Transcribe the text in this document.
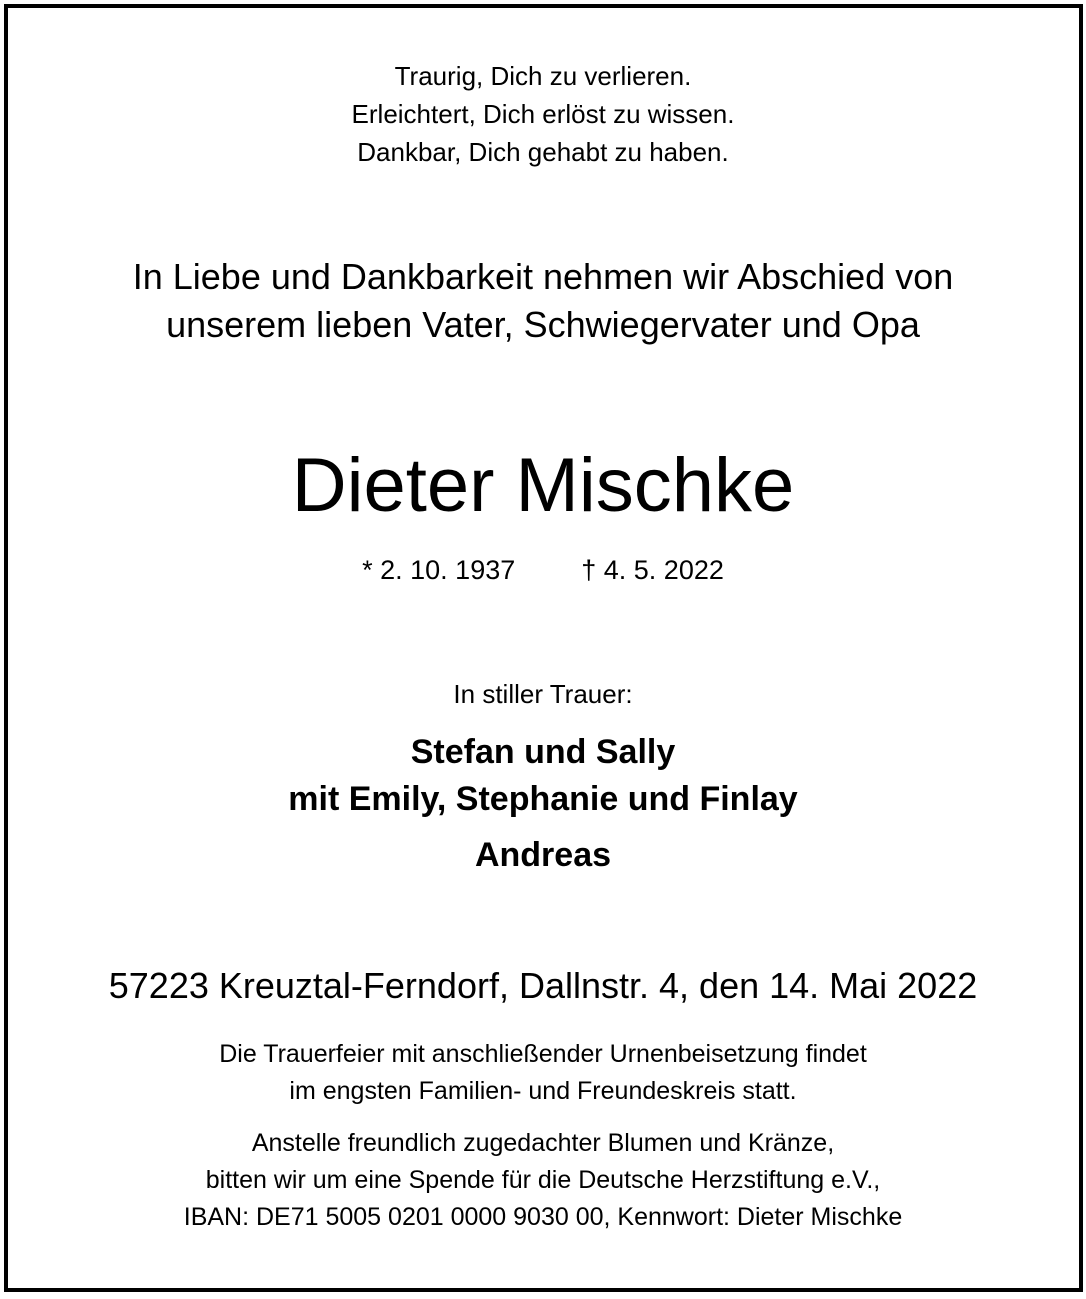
Traurig, Dich zu verlieren.
Erleichtert, Dich erlöst zu wissen.
Dankbar, Dich gehabt zu haben.
In Liebe und Dankbarkeit nehmen wir Abschied von
unserem lieben Vater, Schwiegervater und Opa
Dieter Mischke
* 2. 10. 1937 † 4. 5. 2022
In stiller Trauer:
Stefan und Sally
mit Emily, Stephanie und Finlay
Andreas
57223 Kreuztal-Ferndorf, Dallnstr. 4, den 14. Mai 2022
Die Trauerfeier mit anschließender Urnenbeisetzung findet
im engsten Familien- und Freundeskreis statt.
Anstelle freundlich zugedachter Blumen und Kränze,
bitten wir um eine Spende für die Deutsche Herzstiftung e.V.,
IBAN: DE71 5005 0201 0000 9030 00, Kennwort: Dieter Mischke
